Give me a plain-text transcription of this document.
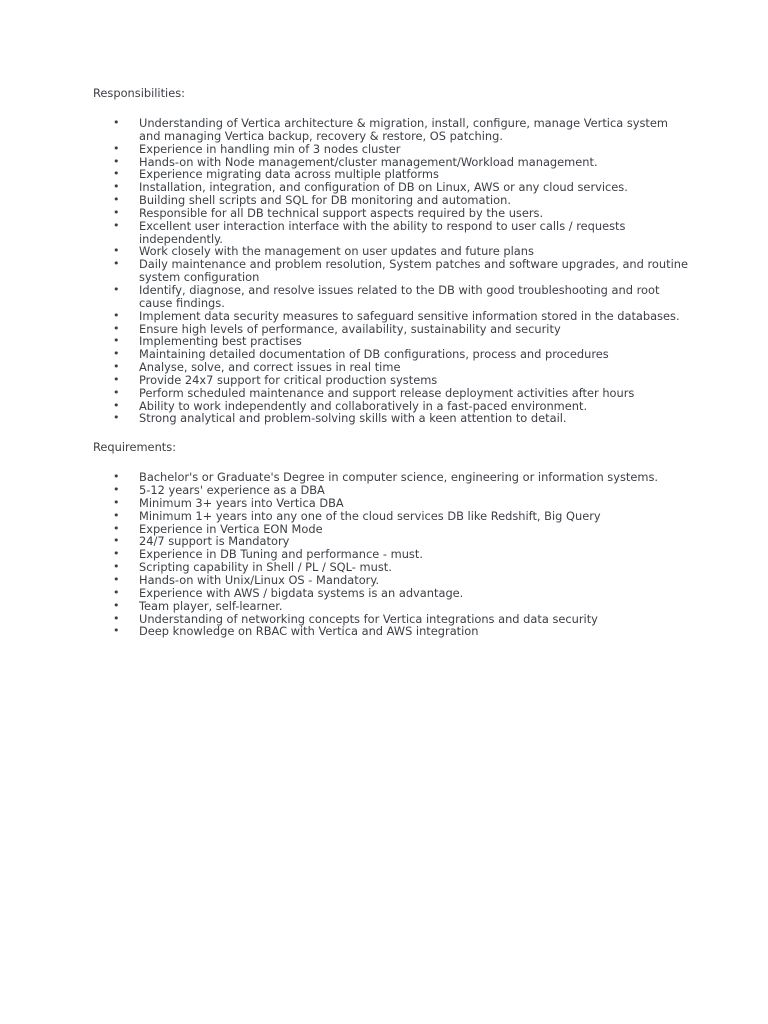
Responsibilities:

• Understanding of Vertica architecture & migration, install, configure, manage Vertica system and managing Vertica backup, recovery & restore, OS patching.
• Experience in handling min of 3 nodes cluster
• Hands-on with Node management/cluster management/Workload management.
• Experience migrating data across multiple platforms
• Installation, integration, and configuration of DB on Linux, AWS or any cloud services.
• Building shell scripts and SQL for DB monitoring and automation.
• Responsible for all DB technical support aspects required by the users.
• Excellent user interaction interface with the ability to respond to user calls / requests independently.
• Work closely with the management on user updates and future plans
• Daily maintenance and problem resolution, System patches and software upgrades, and routine system configuration
• Identify, diagnose, and resolve issues related to the DB with good troubleshooting and root cause findings.
• Implement data security measures to safeguard sensitive information stored in the databases.
• Ensure high levels of performance, availability, sustainability and security
• Implementing best practises
• Maintaining detailed documentation of DB configurations, process and procedures
• Analyse, solve, and correct issues in real time
• Provide 24x7 support for critical production systems
• Perform scheduled maintenance and support release deployment activities after hours
• Ability to work independently and collaboratively in a fast-paced environment.
• Strong analytical and problem-solving skills with a keen attention to detail.

Requirements:

• Bachelor's or Graduate's Degree in computer science, engineering or information systems.
• 5-12 years' experience as a DBA
• Minimum 3+ years into Vertica DBA
• Minimum 1+ years into any one of the cloud services DB like Redshift, Big Query
• Experience in Vertica EON Mode
• 24/7 support is Mandatory
• Experience in DB Tuning and performance - must.
• Scripting capability in Shell / PL / SQL- must.
• Hands-on with Unix/Linux OS - Mandatory.
• Experience with AWS / bigdata systems is an advantage.
• Team player, self-learner.
• Understanding of networking concepts for Vertica integrations and data security
• Deep knowledge on RBAC with Vertica and AWS integration
